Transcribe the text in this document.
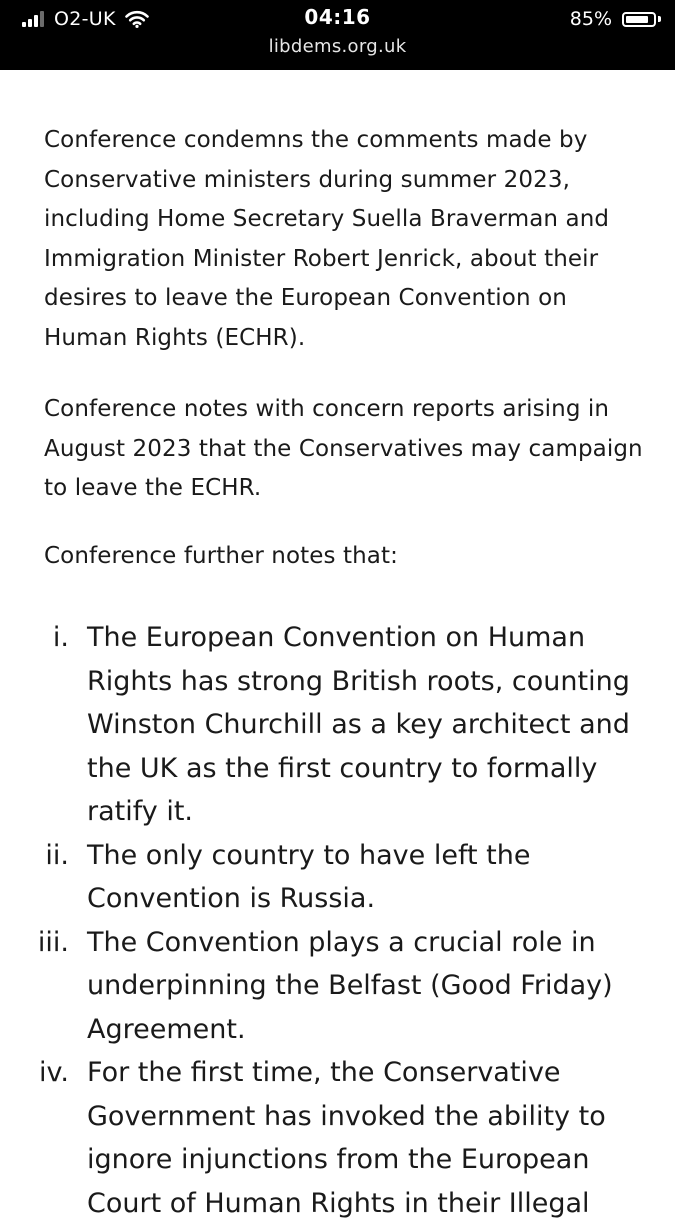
O2-UK	04:16
libdems.org.uk
85%

Conference condemns the comments made by Conservative ministers during summer 2023, including Home Secretary Suella Braverman and Immigration Minister Robert Jenrick, about their desires to leave the European Convention on Human Rights (ECHR).

Conference notes with concern reports arising in August 2023 that the Conservatives may campaign to leave the ECHR.

Conference further notes that:

i. The European Convention on Human Rights has strong British roots, counting Winston Churchill as a key architect and the UK as the first country to formally ratify it.
ii. The only country to have left the Convention is Russia.
iii. The Convention plays a crucial role in underpinning the Belfast (Good Friday) Agreement.
iv. For the first time, the Conservative Government has invoked the ability to ignore injunctions from the European Court of Human Rights in their Illegal
